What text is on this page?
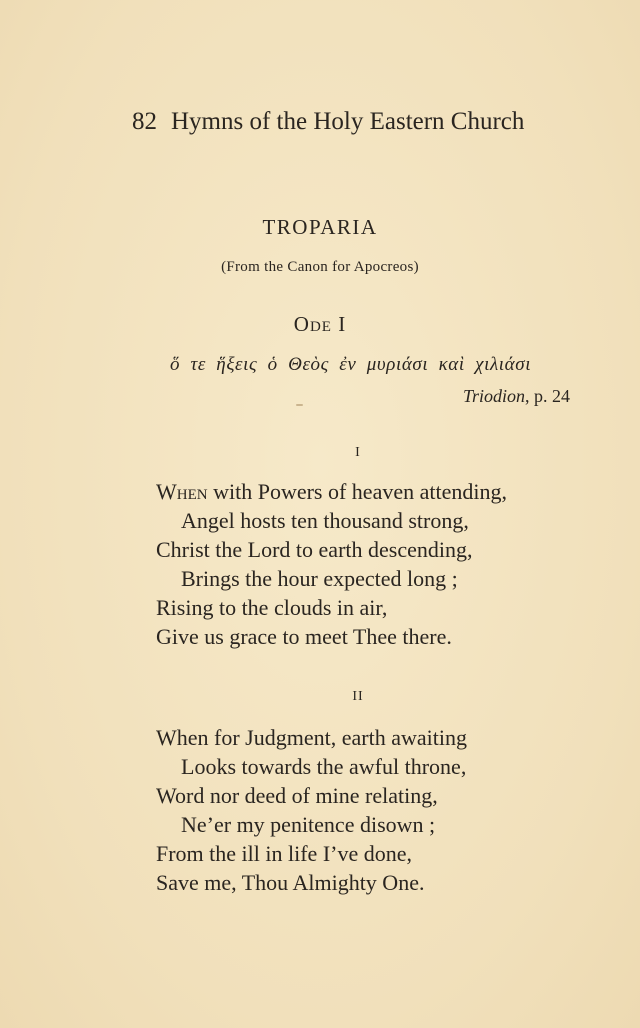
82 Hymns of the Holy Eastern Church
TROPARIA
(From the Canon for Apocreos)
Ode I
ὅ τε ἥξεις ὁ Θεὸς ἐν μυριάσι καὶ χιλιάσι
Triodion, p. 24
I
When with Powers of heaven attending,
Angel hosts ten thousand strong,
Christ the Lord to earth descending,
Brings the hour expected long ;
Rising to the clouds in air,
Give us grace to meet Thee there.
II
When for Judgment, earth awaiting
Looks towards the awful throne,
Word nor deed of mine relating,
Ne’er my penitence disown ;
From the ill in life I’ve done,
Save me, Thou Almighty One.
